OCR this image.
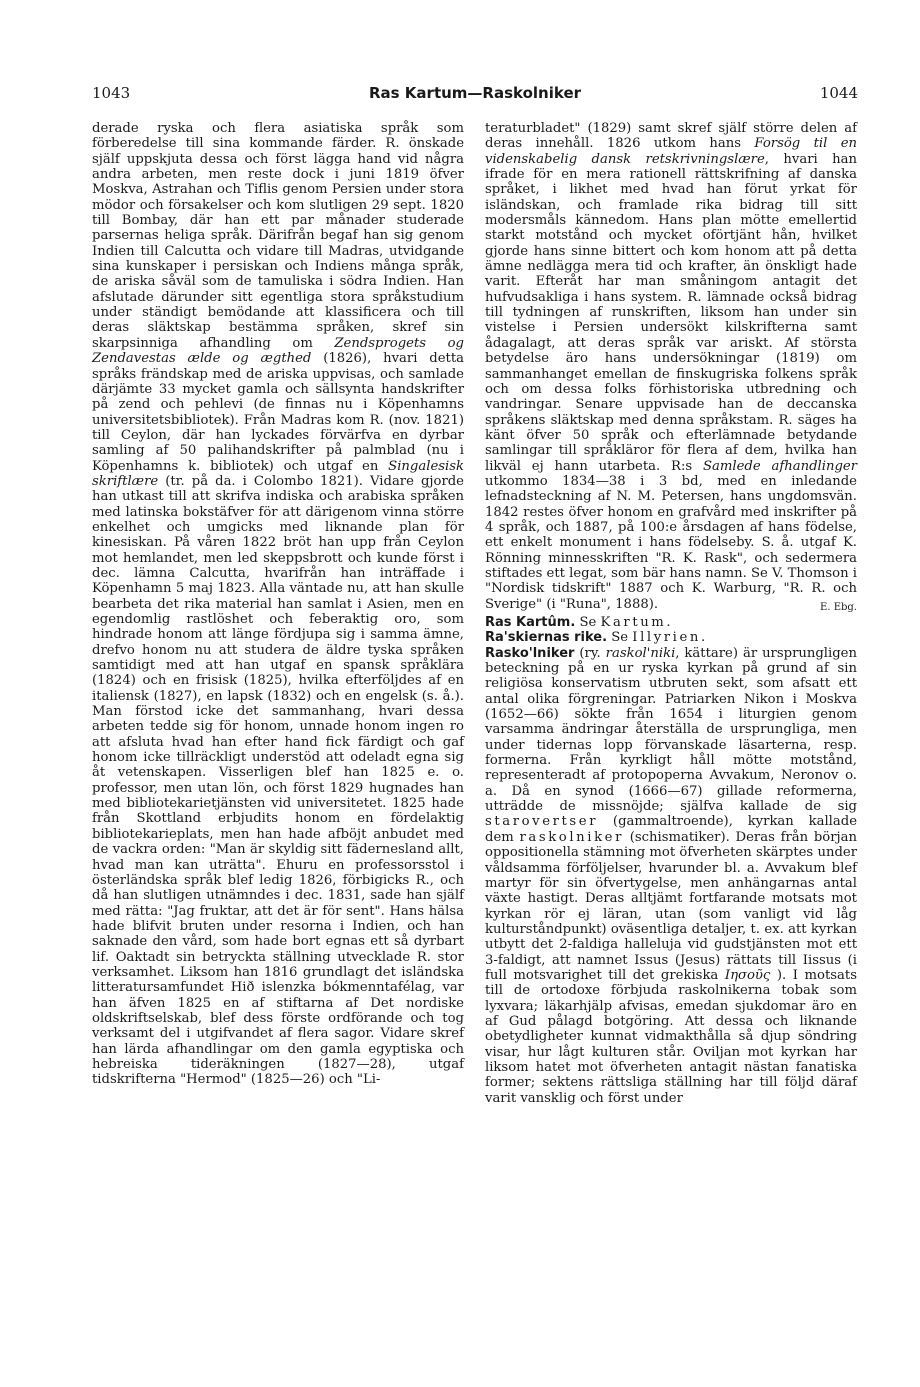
1043	Ras Kartum—Raskolniker	1044

derade ryska och flera asiatiska språk som förberedelse till sina kommande färder. R. önskade själf uppskjuta dessa och först lägga hand vid några andra arbeten, men reste dock i juni 1819 öfver Moskva, Astrahan och Tiflis genom Persien under stora mödor och försakelser och kom slutligen 29 sept. 1820 till Bombay, där han ett par månader studerade parsernas heliga språk. Därifrån begaf han sig genom Indien till Calcutta och vidare till Madras, utvidgande sina kunskaper i persiskan och Indiens många språk, de ariska såväl som de tamuliska i södra Indien. Han afslutade därunder sitt egentliga stora språkstudium under ständigt bemödande att klassificera och till deras släktskap bestämma språken, skref sin skarpsinniga afhandling om Zendsprogets og Zendavestas ælde og ægthed (1826), hvari detta språks frändskap med de ariska uppvisas, och samlade därjämte 33 mycket gamla och sällsynta handskrifter på zend och pehlevi (de finnas nu i Köpenhamns universitetsbibliotek). Från Madras kom R. (nov. 1821) till Ceylon, där han lyckades förvärfva en dyrbar samling af 50 palihandskrifter på palmblad (nu i Köpenhamns k. bibliotek) och utgaf en Singalesisk skriftlære (tr. på da. i Colombo 1821). Vidare gjorde han utkast till att skrifva indiska och arabiska språken med latinska bokstäfver för att därigenom vinna större enkelhet och umgicks med liknande plan för kinesiskan. På våren 1822 bröt han upp från Ceylon mot hemlandet, men led skeppsbrott och kunde först i dec. lämna Calcutta, hvarifrån han inträffade i Köpenhamn 5 maj 1823. Alla väntade nu, att han skulle bearbeta det rika material han samlat i Asien, men en egendomlig rastlöshet och feberaktig oro, som hindrade honom att länge fördjupa sig i samma ämne, drefvo honom nu att studera de äldre tyska språken samtidigt med att han utgaf en spansk språklära (1824) och en frisisk (1825), hvilka efterföljdes af en italiensk (1827), en lapsk (1832) och en engelsk (s. å.). Man förstod icke det sammanhang, hvari dessa arbeten tedde sig för honom, unnade honom ingen ro att afsluta hvad han efter hand fick färdigt och gaf honom icke tillräckligt understöd att odeladt egna sig åt vetenskapen. Visserligen blef han 1825 e. o. professor, men utan lön, och först 1829 hugnades han med bibliotekarietjänsten vid universitetet. 1825 hade från Skottland erbjudits honom en fördelaktig bibliotekarieplats, men han hade afböjt anbudet med de vackra orden: "Man är skyldig sitt fädernesland allt, hvad man kan uträtta". Ehuru en professorsstol i österländska språk blef ledig 1826, förbigicks R., och då han slutligen utnämndes i dec. 1831, sade han själf med rätta: "Jag fruktar, att det är för sent". Hans hälsa hade blifvit bruten under resorna i Indien, och han saknade den vård, som hade bort egnas ett så dyrbart lif. Oaktadt sin betryckta ställning utvecklade R. stor verksamhet. Liksom han 1816 grundlagt det isländska litteratursamfundet Hið islenzka bókmenntafélag, var han äfven 1825 en af stiftarna af Det nordiske oldskriftselskab, blef dess förste ordförande och tog verksamt del i utgifvandet af flera sagor. Vidare skref han lärda afhandlingar om den gamla egyptiska och hebreiska tideräkningen (1827—28), utgaf tidskrifterna "Hermod" (1825—26) och "Li-

teraturbladet" (1829) samt skref själf större delen af deras innehåll. 1826 utkom hans Forsög til en videnskabelig dansk retskrivningslære, hvari han ifrade för en mera rationell rättskrifning af danska språket, i likhet med hvad han förut yrkat för isländskan, och framlade rika bidrag till sitt modersmåls kännedom. Hans plan mötte emellertid starkt motstånd och mycket oförtjänt hån, hvilket gjorde hans sinne bittert och kom honom att på detta ämne nedlägga mera tid och krafter, än önskligt hade varit. Efteråt har man småningom antagit det hufvudsakliga i hans system. R. lämnade också bidrag till tydningen af runskriften, liksom han under sin vistelse i Persien undersökt kilskrifterna samt ådagalagt, att deras språk var ariskt. Af största betydelse äro hans undersökningar (1819) om sammanhanget emellan de finskugriska folkens språk och om dessa folks förhistoriska utbredning och vandringar. Senare uppvisade han de deccanska språkens släktskap med denna språkstam. R. säges ha känt öfver 50 språk och efterlämnade betydande samlingar till språkläror för flera af dem, hvilka han likväl ej hann utarbeta. R:s Samlede afhandlinger utkommo 1834—38 i 3 bd, med en inledande lefnadsteckning af N. M. Petersen, hans ungdomsvän. 1842 restes öfver honom en grafvård med inskrifter på 4 språk, och 1887, på 100:e årsdagen af hans födelse, ett enkelt monument i hans födelseby. S. å. utgaf K. Rönning minnesskriften "R. K. Rask", och sedermera stiftades ett legat, som bär hans namn. Se V. Thomson i "Nordisk tidskrift" 1887 och K. Warburg, "R. R. och Sverige" (i "Runa", 1888).	E. Ebg.

Ras Kartûm. Se Kartum.

Ra'skiernas rike. Se Illyrien.

Rasko'lniker (ry. raskol'niki, kättare) är ursprungligen beteckning på en ur ryska kyrkan på grund af sin religiösa konservatism utbruten sekt, som afsatt ett antal olika förgreningar. Patriarken Nikon i Moskva (1652—66) sökte från 1654 i liturgien genom varsamma ändringar återställa de ursprungliga, men under tidernas lopp förvanskade läsarterna, resp. formerna. Från kyrkligt håll mötte motstånd, representeradt af protopoperna Avvakum, Neronov o. a. Då en synod (1666—67) gillade reformerna, utträdde de missnöjde; själfva kallade de sig starovertser (gammaltroende), kyrkan kallade dem raskolniker (schismatiker). Deras från början oppositionella stämning mot öfverheten skärptes under våldsamma förföljelser, hvarunder bl. a. Avvakum blef martyr för sin öfvertygelse, men anhängarnas antal växte hastigt. Deras alltjämt fortfarande motsats mot kyrkan rör ej läran, utan (som vanligt vid låg kulturståndpunkt) oväsentliga detaljer, t. ex. att kyrkan utbytt det 2-faldiga halleluja vid gudstjänsten mot ett 3-faldigt, att namnet Issus (Jesus) rättats till Iissus (i full motsvarighet till det grekiska Iησοῦς ). I motsats till de ortodoxe förbjuda raskolnikerna tobak som lyxvara; läkarhjälp afvisas, emedan sjukdomar äro en af Gud pålagd botgöring. Att dessa och liknande obetydligheter kunnat vidmakthålla så djup söndring visar, hur lågt kulturen står. Oviljan mot kyrkan har liksom hatet mot öfverheten antagit nästan fanatiska former; sektens rättsliga ställning har till följd däraf varit vansklig och först under
